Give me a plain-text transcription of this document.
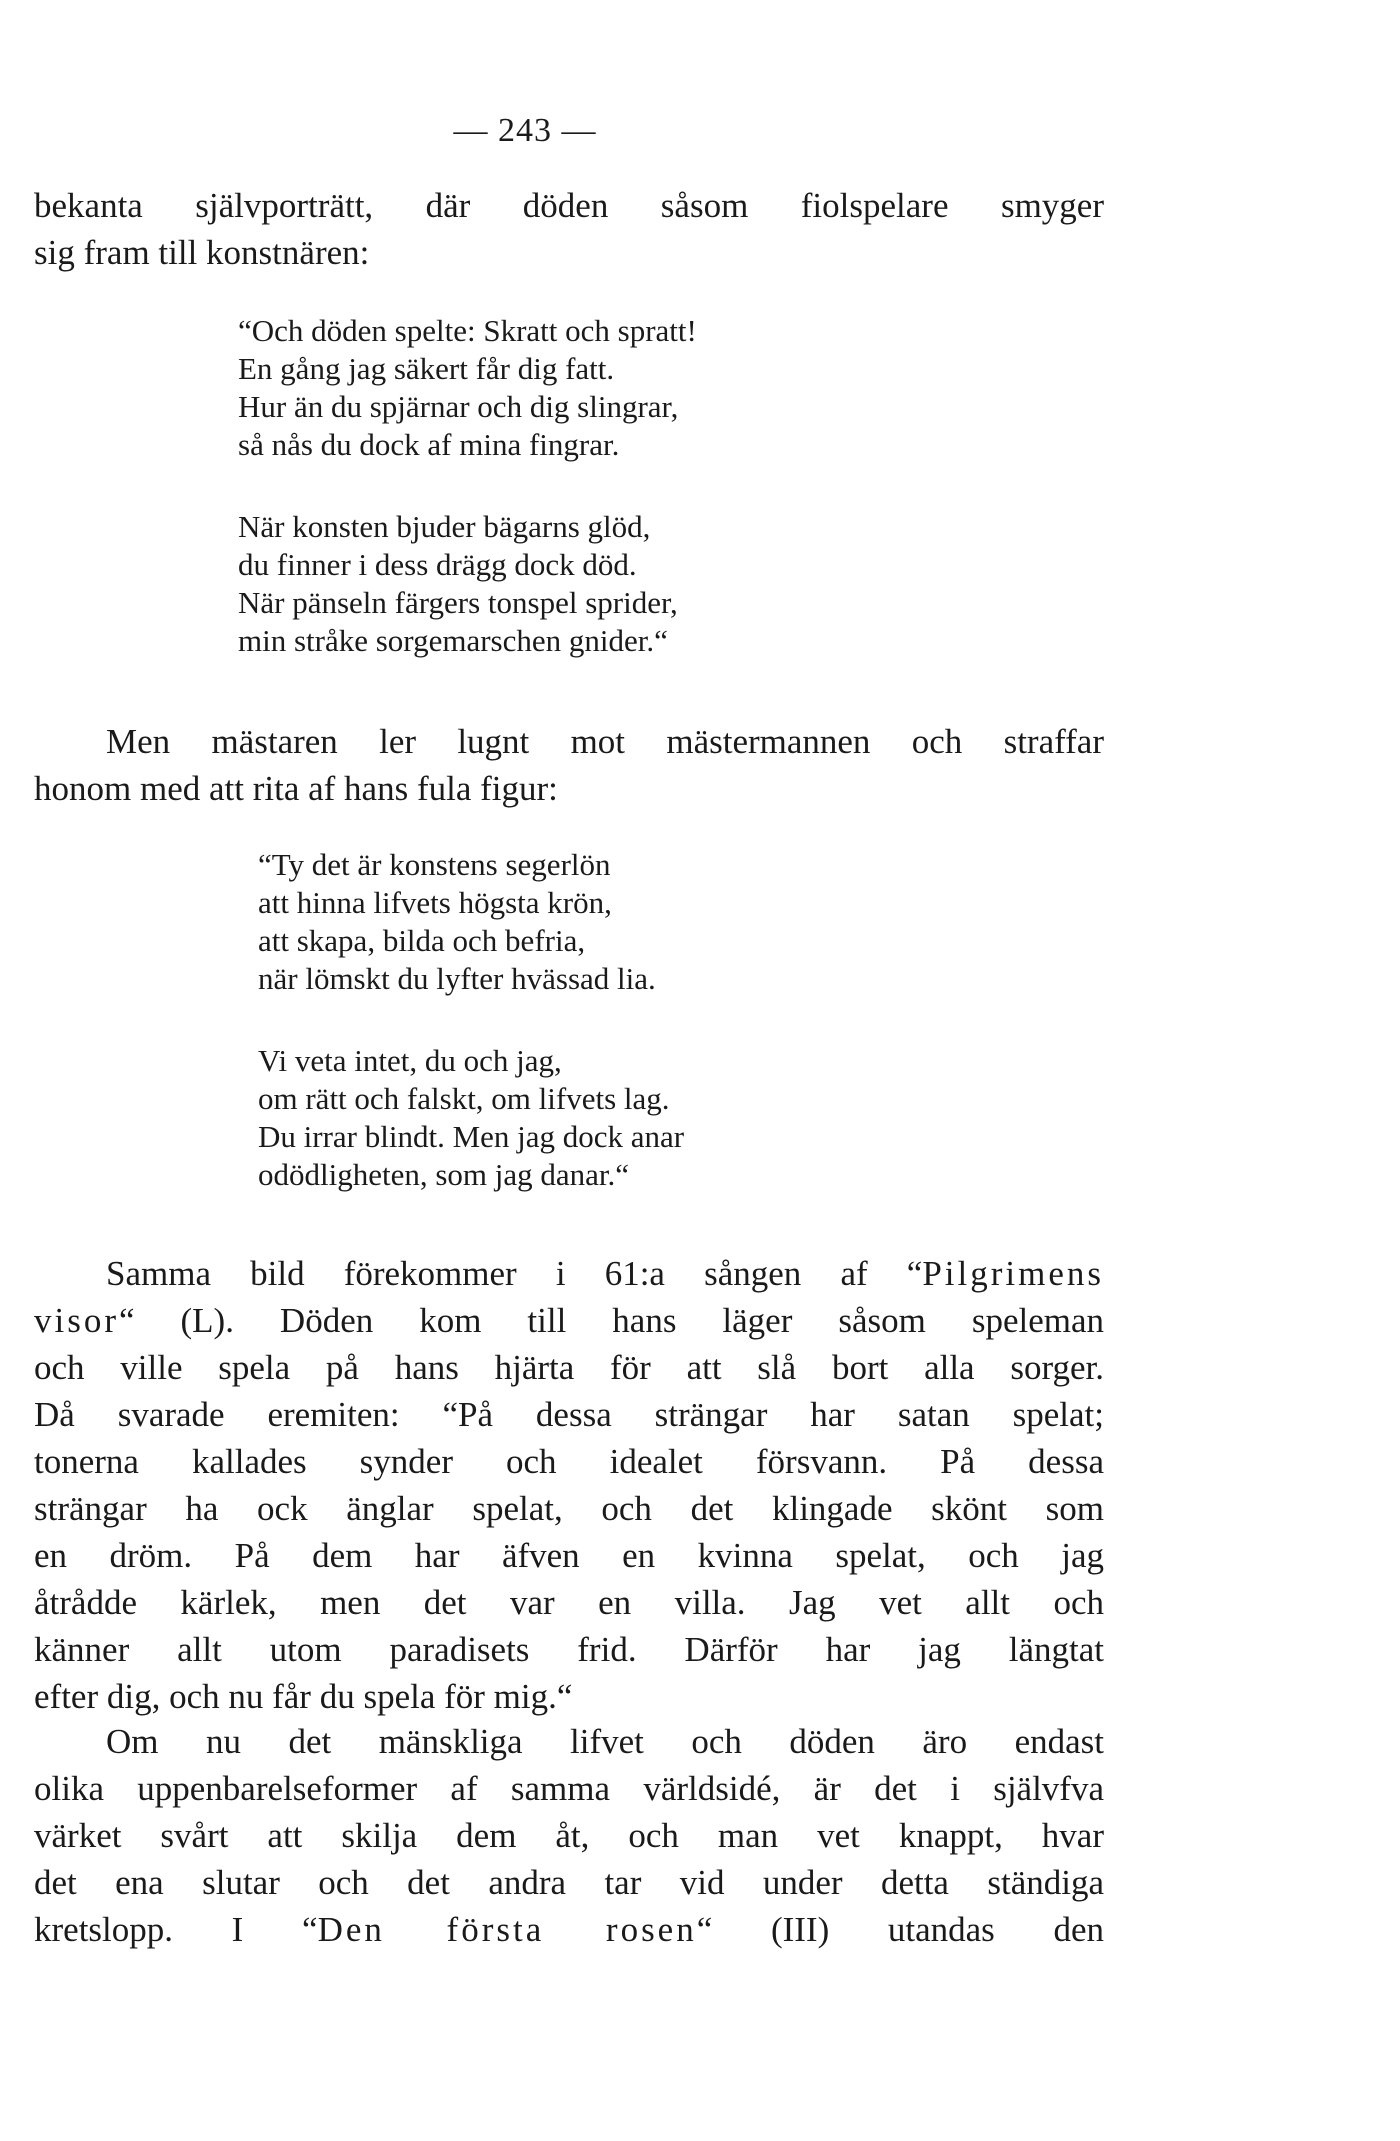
— 243 —
bekanta självporträtt, där döden såsom fiolspelare smyger
sig fram till konstnären:
“Och döden spelte: Skratt och spratt!
En gång jag säkert får dig fatt.
Hur än du spjärnar och dig slingrar,
så nås du dock af mina fingrar.
När konsten bjuder bägarns glöd,
du finner i dess drägg dock död.
När pänseln färgers tonspel sprider,
min stråke sorgemarschen gnider.“
Men mästaren ler lugnt mot mästermannen och straffar
honom med att rita af hans fula figur:
“Ty det är konstens segerlön
att hinna lifvets högsta krön,
att skapa, bilda och befria,
när lömskt du lyfter hvässad lia.
Vi veta intet, du och jag,
om rätt och falskt, om lifvets lag.
Du irrar blindt. Men jag dock anar
odödligheten, som jag danar.“
Samma bild förekommer i 61:a sången af “Pilgrimens
visor“ (L). Döden kom till hans läger såsom speleman
och ville spela på hans hjärta för att slå bort alla sorger.
Då svarade eremiten: “På dessa strängar har satan spelat;
tonerna kallades synder och idealet försvann. På dessa
strängar ha ock änglar spelat, och det klingade skönt som
en dröm. På dem har äfven en kvinna spelat, och jag
åtrådde kärlek, men det var en villa. Jag vet allt och
känner allt utom paradisets frid. Därför har jag längtat
efter dig, och nu får du spela för mig.“
Om nu det mänskliga lifvet och döden äro endast
olika uppenbarelseformer af samma världsidé, är det i självfva
värket svårt att skilja dem åt, och man vet knappt, hvar
det ena slutar och det andra tar vid under detta ständiga
kretslopp. I “Den första rosen“ (III) utandas den
